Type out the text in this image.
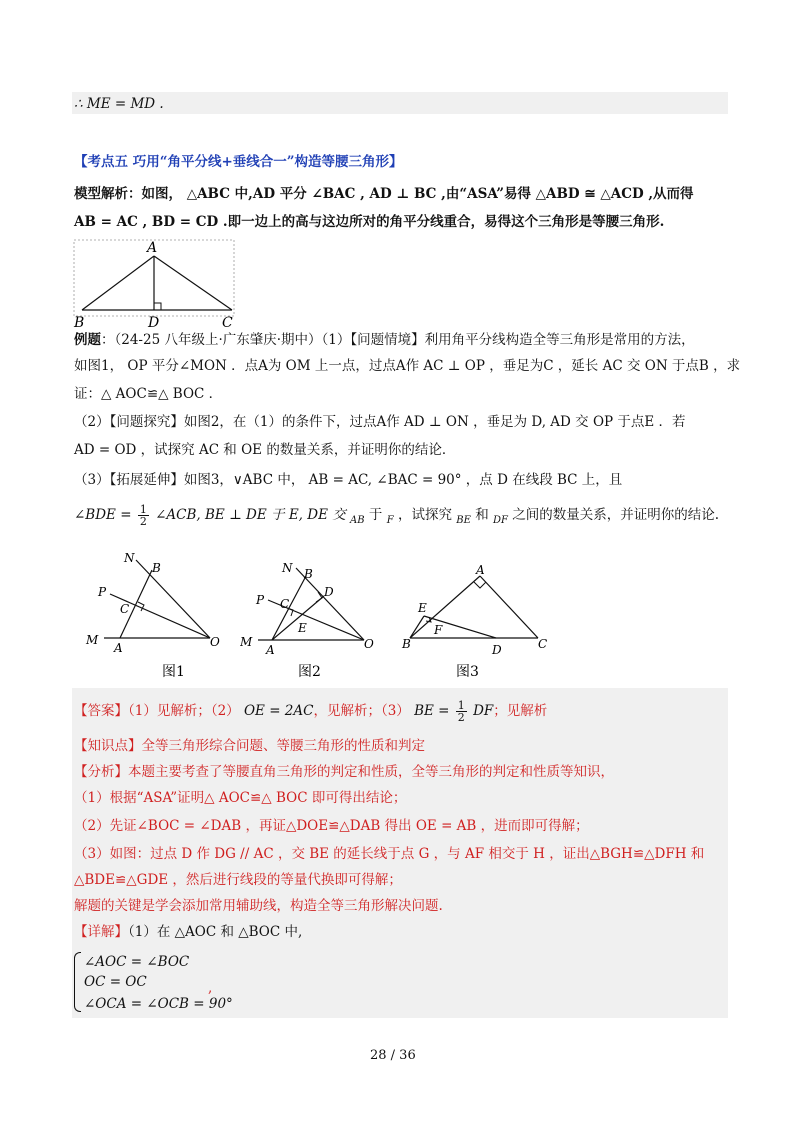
∴ ME = MD .
【考点五 巧用“角平分线+垂线合一”构造等腰三角形】
模型解析：如图， △ABC 中,AD 平分 ∠BAC , AD ⊥ BC ,由“ASA”易得 △ABD ≅ △ACD ,从而得
AB = AC , BD = CD .即一边上的高与这边所对的角平分线重合，易得这个三角形是等腰三角形.
A
B	D	C
例题：（24-25 八年级上·广东肇庆·期中）（1）【问题情境】利用角平分线构造全等三角形是常用的方法，
如图1， OP 平分∠MON ．点A为 OM 上一点，过点A作 AC ⊥ OP ，垂足为C ，延长 AC 交 ON 于点B ，求
证：△ AOC≌△ BOC ．
（2）【问题探究】如图2，在（1）的条件下，过点A作 AD ⊥ ON ，垂足为 D, AD 交 OP 于点E ．若
AD = OD ，试探究 AC 和 OE 的数量关系，并证明你的结论．
（3）【拓展延伸】如图3，∨ABC 中， AB = AC, ∠BAC = 90° ，点 D 在线段 BC 上，且
∠BDE = $\frac{1}{2}$ ∠ACB, BE ⊥ DE 于 E, DE 交 $_{AB}$ 于 $_F$ ，试探究 $_{BE}$ 和 $_{DF}$ 之间的数量关系，并证明你的结论.
N
B
P
C
M
A	O
图1
N B
D
P C
E
M
A	O
图2
A
E
F
B	D	C
图3
【答案】（1）见解析；（2） OE = 2AC，见解析；（3） BE = $\frac{1}{2}$ DF；见解析
【知识点】全等三角形综合问题、等腰三角形的性质和判定
【分析】本题主要考查了等腰直角三角形的判定和性质，全等三角形的判定和性质等知识，
（1）根据“ASA”证明△ AOC≌△ BOC 即可得出结论；
（2）先证∠BOC = ∠DAB ，再证△DOE≌△DAB 得出 OE = AB ，进而即可得解；
（3）如图：过点 D 作 DG // AC ，交 BE 的延长线于点 G ，与 AF 相交于 H ，证出△BGH≌△DFH 和
△BDE≌△GDE ，然后进行线段的等量代换即可得解；
解题的关键是学会添加常用辅助线，构造全等三角形解决问题.
【详解】（1）在 △AOC 和 △BOC 中,
∠AOC = ∠BOC
OC = OC
∠OCA = ∠OCB = 90°
,
28 / 36
